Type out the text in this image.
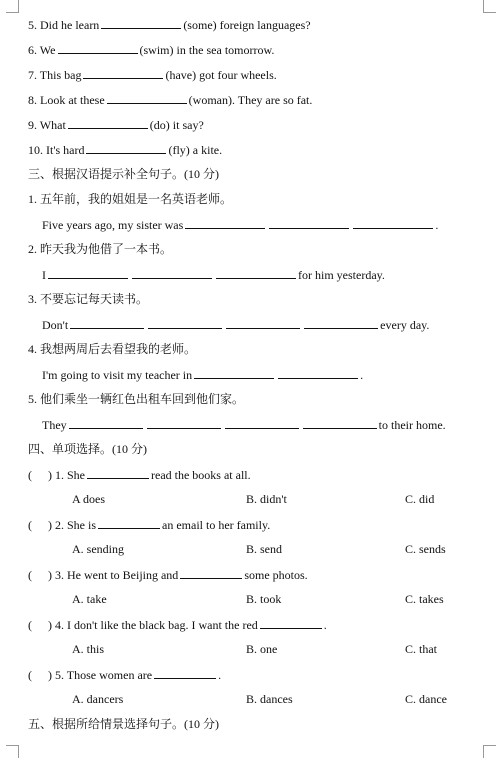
5. Did he learn	(some) foreign languages?
6. We	(swim) in the sea tomorrow.
7. This bag	(have) got four wheels.
8. Look at these	(woman). They are so fat.
9. What	(do) it say?
10. It's hard	(fly) a kite.
三、根据汉语提示补全句子。(10 分)
1. 五年前，我的姐姐是一名英语老师。
Five years ago, my sister was	.
2. 昨天我为他借了一本书。
I	for him yesterday.
3. 不要忘记每天读书。
Don't	every day.
4. 我想两周后去看望我的老师。
I'm going to visit my teacher in	.
5. 他们乘坐一辆红色出租车回到他们家。
They	to their home.
四、单项选择。(10 分)
( ) 1. She	read the books at all.
A does	B. didn't	C. did
( ) 2. She is	an email to her family.
A. sending	B. send	C. sends
( ) 3. He went to Beijing and	some photos.
A. take	B. took	C. takes
( ) 4. I don't like the black bag. I want the red	.
A. this	B. one	C. that
( ) 5. Those women are	.
A. dancers	B. dances	C. dance
五、根据所给情景选择句子。(10 分)
